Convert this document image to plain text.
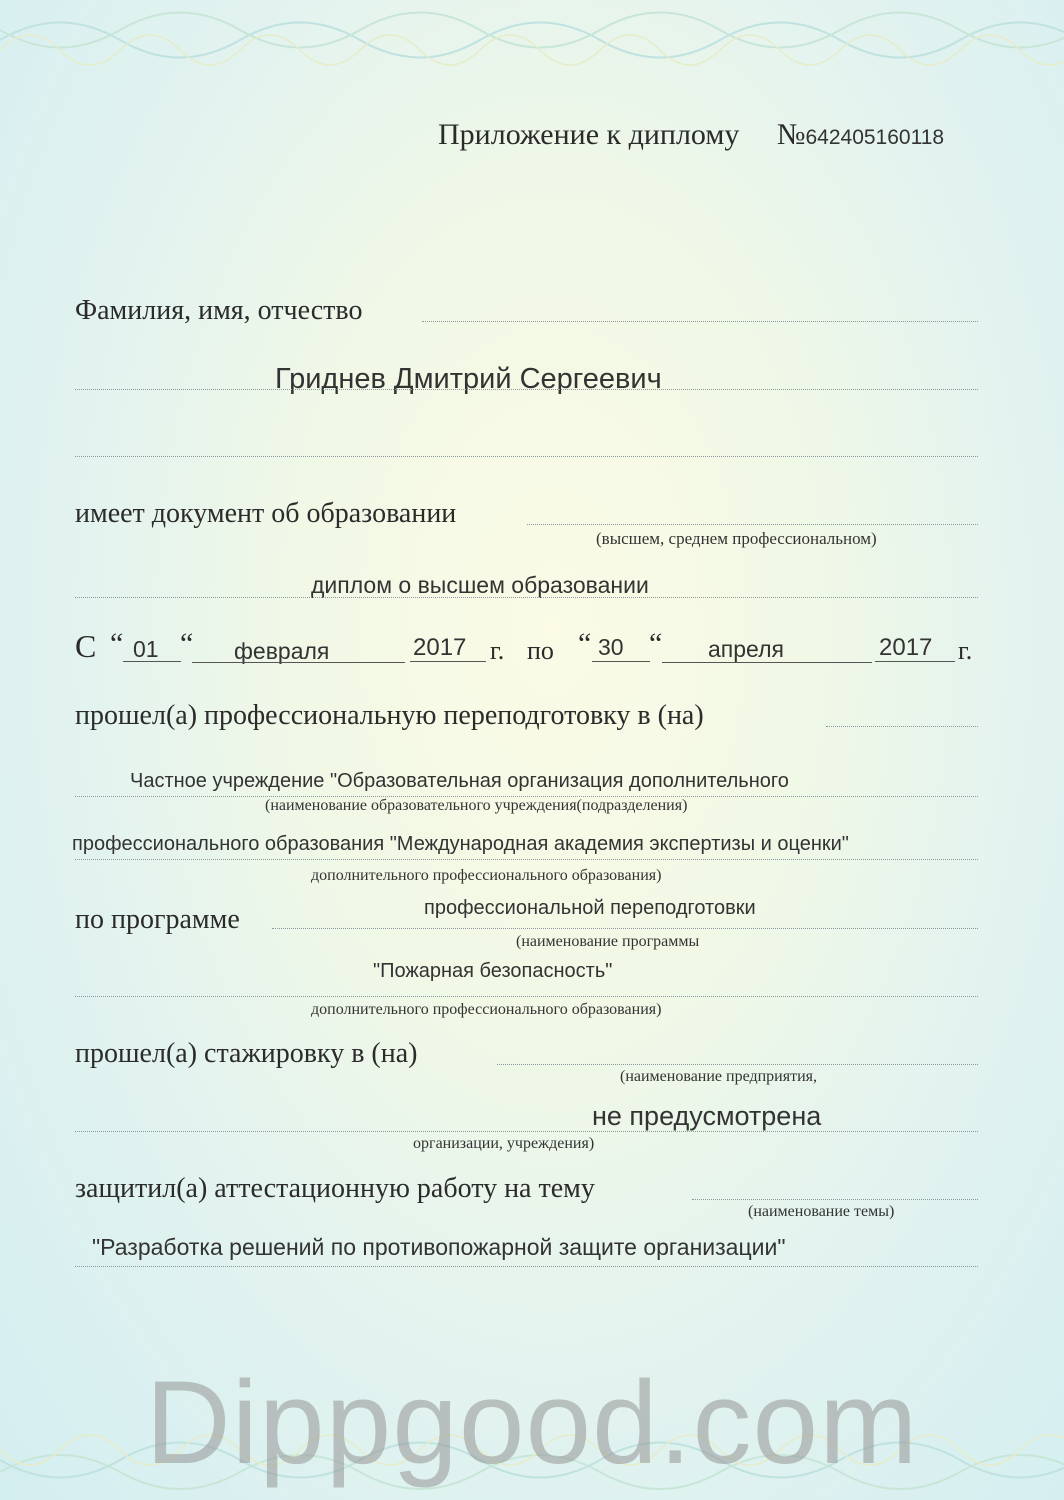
Приложение к диплому №642405160118
Фамилия, имя, отчество
Гриднев Дмитрий Сергеевич
имеет документ об образовании
(высшем, среднем профессиональном)
диплом о высшем образовании
С “ 01 “ февраля	2017 г. по “ 30 “ апреля	2017 г.
прошел(а) профессиональную переподготовку в (на)
Частное учреждение "Образовательная организация дополнительного
(наименование образовательного учреждения(подразделения)
профессионального образования "Международная академия экспертизы и оценки"
дополнительного профессионального образования)
по программе	профессиональной переподготовки
(наименование программы
"Пожарная безопасность"
дополнительного профессионального образования)
прошел(а) стажировку в (на)
(наименование предприятия,
не предусмотрена
организации, учреждения)
защитил(а) аттестационную работу на тему
(наименование темы)
"Разработка решений по противопожарной защите организации"
Dippgood.com
